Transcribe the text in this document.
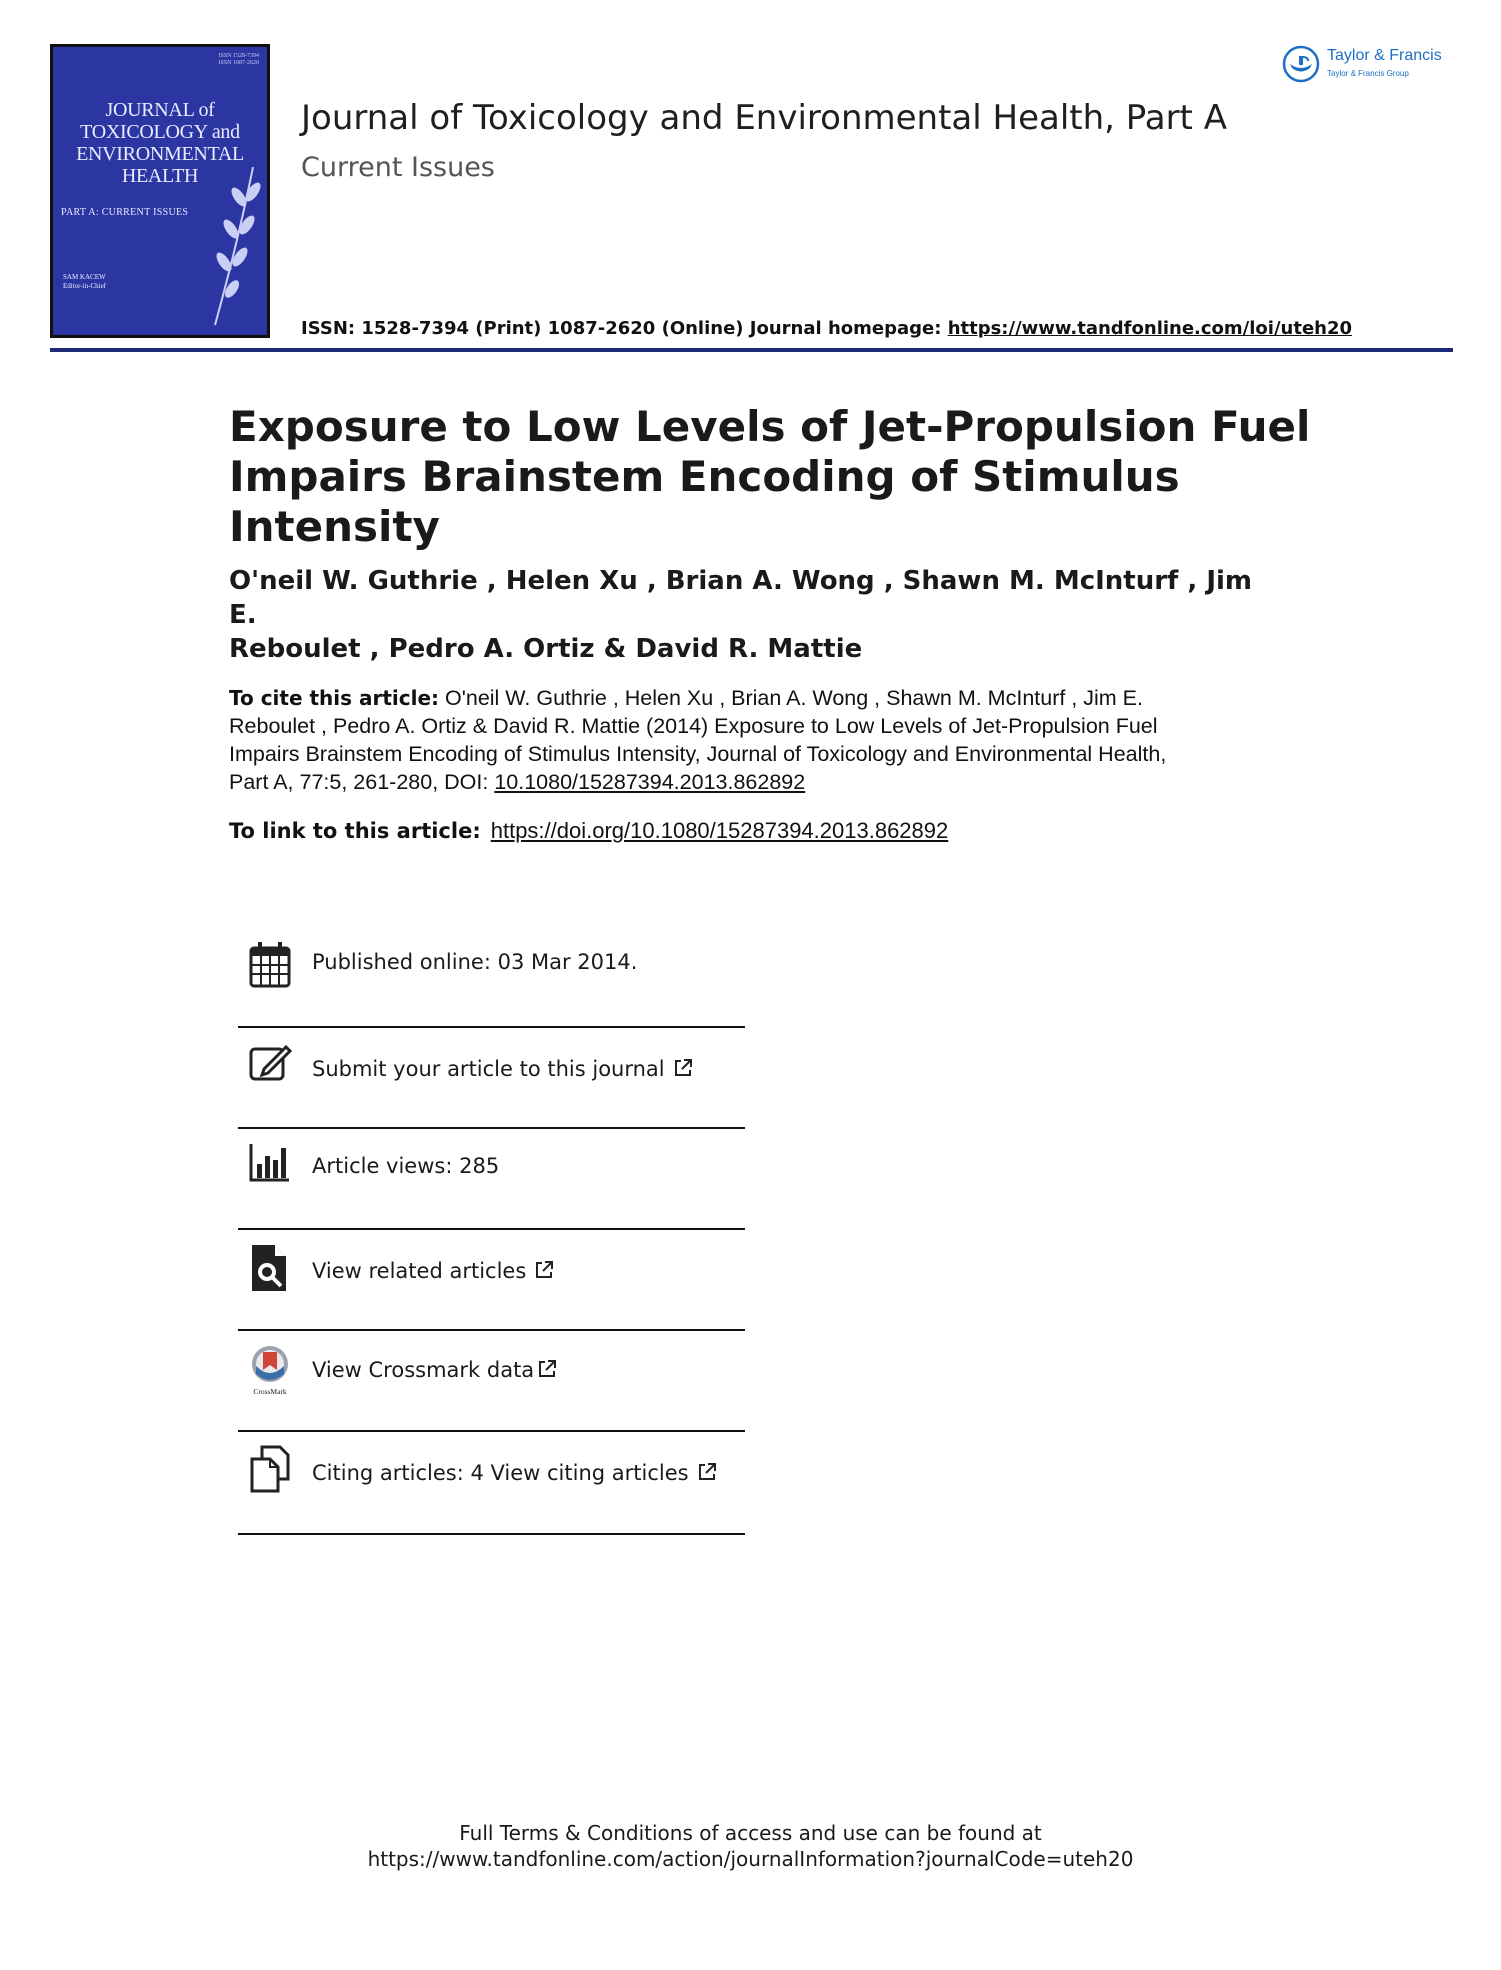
ISSN 1528-7394
ISSN 1087-2620
JOURNAL of
TOXICOLOGY and
ENVIRONMENTAL
HEALTH
PART A: CURRENT ISSUES
SAM KACEW
Editor-in-Chief
Journal of Toxicology and Environmental Health, Part A
Current Issues
ISSN: 1528-7394 (Print) 1087-2620 (Online) Journal homepage: https://www.tandfonline.com/loi/uteh20
Taylor & Francis
Taylor & Francis Group
Exposure to Low Levels of Jet-Propulsion Fuel
Impairs Brainstem Encoding of Stimulus Intensity
O'neil W. Guthrie , Helen Xu , Brian A. Wong , Shawn M. McInturf , Jim E.
Reboulet , Pedro A. Ortiz & David R. Mattie
To cite this article: O'neil W. Guthrie , Helen Xu , Brian A. Wong , Shawn M. McInturf , Jim E.
Reboulet , Pedro A. Ortiz & David R. Mattie (2014) Exposure to Low Levels of Jet-Propulsion Fuel
Impairs Brainstem Encoding of Stimulus Intensity, Journal of Toxicology and Environmental Health,
Part A, 77:5, 261-280, DOI: 10.1080/15287394.2013.862892
To link to this article: https://doi.org/10.1080/15287394.2013.862892
Published online: 03 Mar 2014.
Submit your article to this journal
Article views: 285
View related articles
CrossMark
View Crossmark data
Citing articles: 4 View citing articles
Full Terms & Conditions of access and use can be found at
https://www.tandfonline.com/action/journalInformation?journalCode=uteh20
